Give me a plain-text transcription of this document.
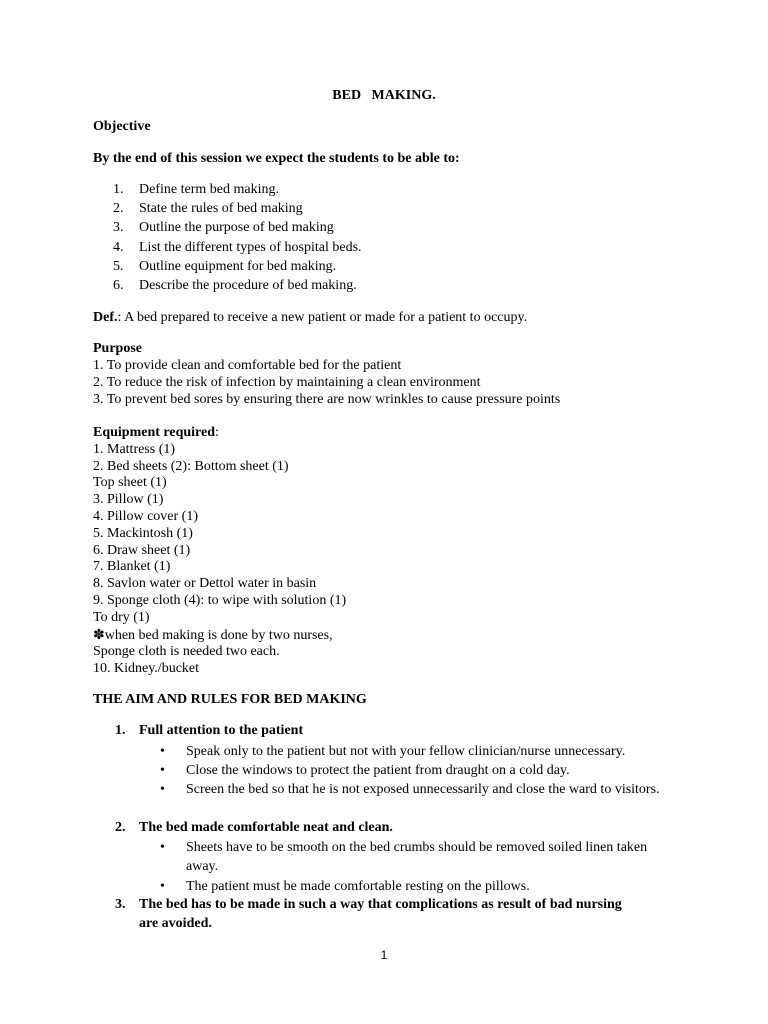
BED   MAKING.
Objective
By the end of this session we expect the students to be able to:
1. Define term bed making.
2. State the rules of bed making
3. Outline the purpose of bed making
4. List the different types of hospital beds.
5. Outline equipment for bed making.
6. Describe the procedure of bed making.
Def.: A bed prepared to receive a new patient or made for a patient to occupy.
Purpose
1. To provide clean and comfortable bed for the patient
2. To reduce the risk of infection by maintaining a clean environment
3. To prevent bed sores by ensuring there are now wrinkles to cause pressure points
Equipment required:
1. Mattress (1)
2. Bed sheets (2): Bottom sheet (1)
Top sheet (1)
3. Pillow (1)
4. Pillow cover (1)
5. Mackintosh (1)
6. Draw sheet (1)
7. Blanket (1)
8. Savlon water or Dettol water in basin
9. Sponge cloth (4): to wipe with solution (1)
To dry (1)
✽when bed making is done by two nurses,
Sponge cloth is needed two each.
10. Kidney./bucket
THE AIM AND RULES FOR BED MAKING
1. Full attention to the patient
• Speak only to the patient but not with your fellow clinician/nurse unnecessary.
• Close the windows to protect the patient from draught on a cold day.
• Screen the bed so that he is not exposed unnecessarily and close the ward to visitors.
2. The bed made comfortable neat and clean.
• Sheets have to be smooth on the bed crumbs should be removed soiled linen taken away.
• The patient must be made comfortable resting on the pillows.
3. The bed has to be made in such a way that complications as result of bad nursing
are avoided.
1
